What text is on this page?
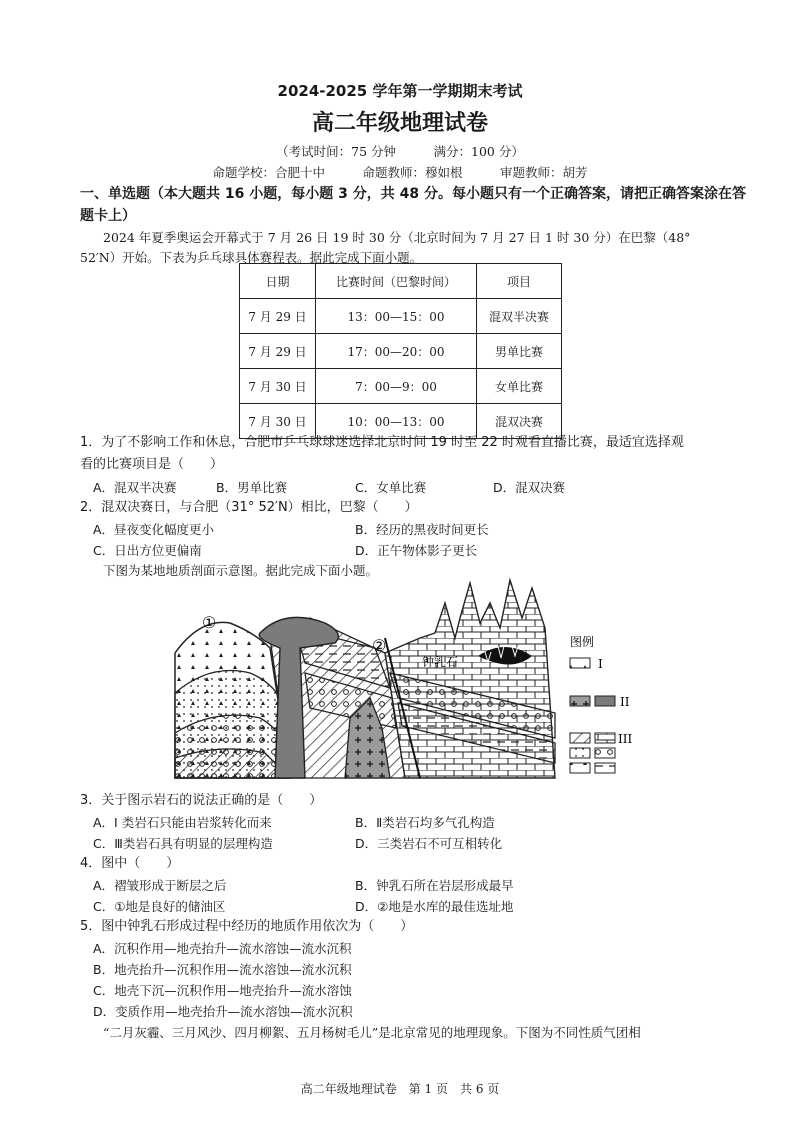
2024-2025 学年第一学期期末考试
高二年级地理试卷
（考试时间：75 分钟　　　满分：100 分）
命题学校：合肥十中　　　命题教师：穆如根　　　审题教师：胡芳
一、单选题（本大题共 16 小题，每小题 3 分，共 48 分。每小题只有一个正确答案，请把正确答案涂在答
题卡上）
2024 年夏季奥运会开幕式于 7 月 26 日 19 时 30 分（北京时间为 7 月 27 日 1 时 30 分）在巴黎（48°
52′N）开始。下表为乒乓球具体赛程表。据此完成下面小题。
日期	比赛时间（巴黎时间）	项目
7 月 29 日	13：00—15：00	混双半决赛
7 月 29 日	17：00—20：00	男单比赛
7 月 30 日	7：00—9：00	女单比赛
7 月 30 日	10：00—13：00	混双决赛
1．为了不影响工作和休息，合肥市乒乓球球迷选择北京时间 19 时至 22 时观看直播比赛，最适宜选择观
看的比赛项目是（　　）
A．混双半决赛	B．男单比赛	C．女单比赛	D．混双决赛
2．混双决赛日，与合肥（31° 52′N）相比，巴黎（　　）
A．昼夜变化幅度更小	B．经历的黑夜时间更长
C．日出方位更偏南	D．正午物体影子更长
下图为某地地质剖面示意图。据此完成下面小题。
①
②
钟乳石
图例
I
II
III
3．关于图示岩石的说法正确的是（　　）
A．I 类岩石只能由岩浆转化而来	B．Ⅱ类岩石均多气孔构造
C．Ⅲ类岩石具有明显的层理构造	D．三类岩石不可互相转化
4．图中（　　）
A．褶皱形成于断层之后	B．钟乳石所在岩层形成最早
C．①地是良好的储油区	D．②地是水库的最佳选址地
5．图中钟乳石形成过程中经历的地质作用依次为（　　）
A．沉积作用—地壳抬升—流水溶蚀—流水沉积
B．地壳抬升—沉积作用—流水溶蚀—流水沉积
C．地壳下沉—沉积作用—地壳抬升—流水溶蚀
D．变质作用—地壳抬升—流水溶蚀—流水沉积
“二月灰霾、三月风沙、四月柳絮、五月杨树毛儿”是北京常见的地理现象。下图为不同性质气团相
高二年级地理试卷　第 1 页　共 6 页
